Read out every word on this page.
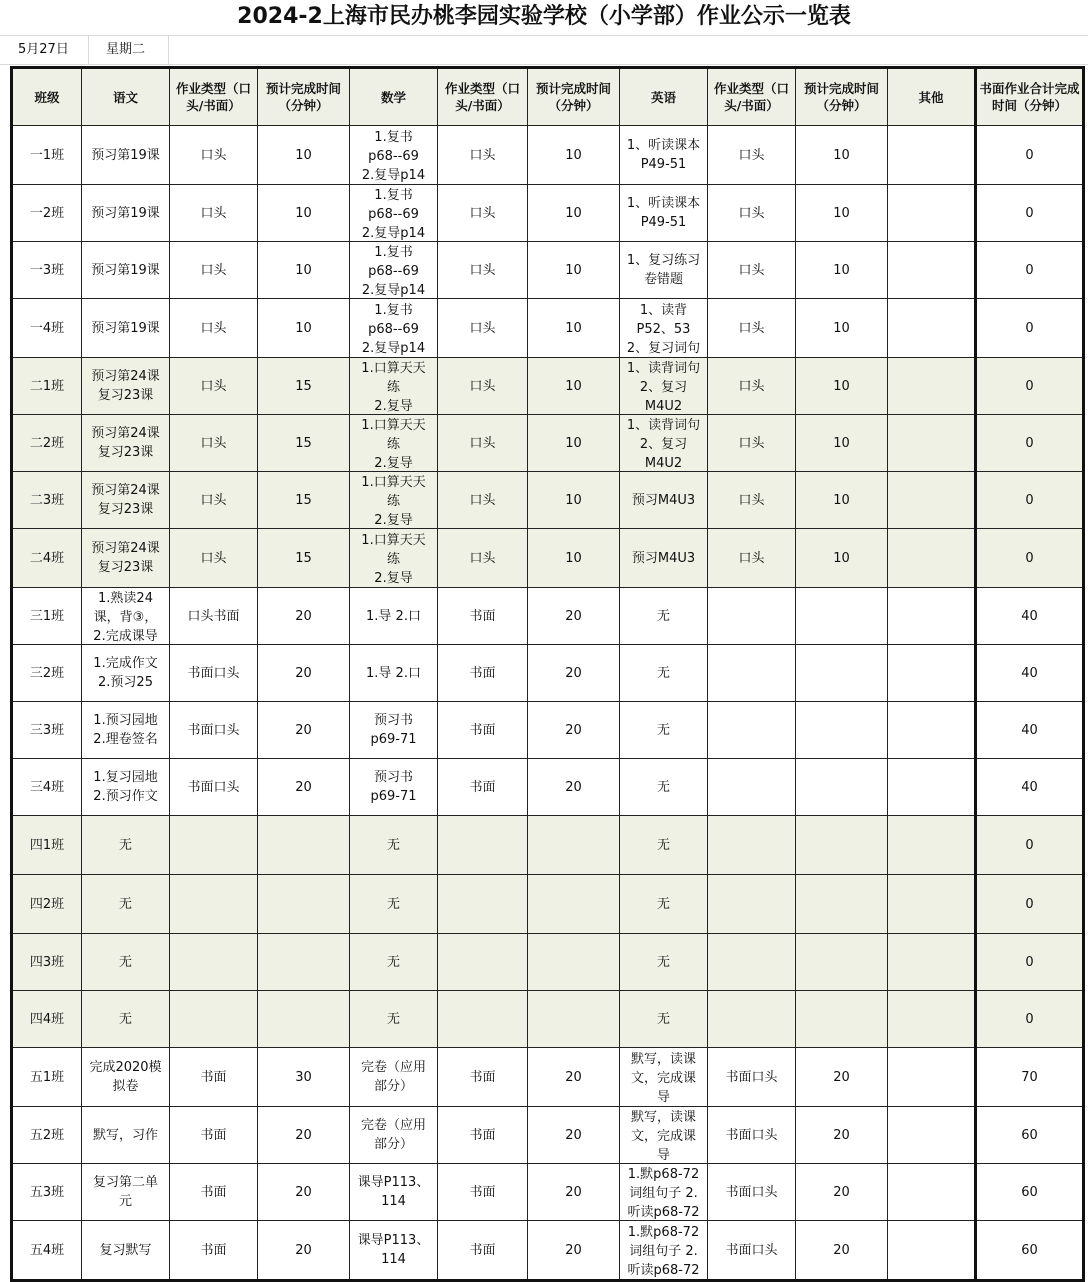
2024-2上海市民办桃李园实验学校（小学部）作业公示一览表
5月27日	星期二
班级	语文	作业类型（口头/书面）	预计完成时间（分钟）	数学	作业类型（口头/书面）	预计完成时间（分钟）	英语	作业类型（口头/书面）	预计完成时间（分钟）	其他	书面作业合计完成时间（分钟）

一1班	预习第19课	口头	10	1.复书
p68--69
2.复导p14	口头	10	1、听读课本
P49-51	口头	10		0

一2班	预习第19课	口头	10	1.复书
p68--69
2.复导p14	口头	10	1、听读课本
P49-51	口头	10		0

一3班	预习第19课	口头	10	1.复书
p68--69
2.复导p14	口头	10	1、复习练习
卷错题	口头	10		0

一4班	预习第19课	口头	10	1.复书
p68--69
2.复导p14	口头	10	1、读背
P52、53
2、复习词句	口头	10		0

二1班	预习第24课
复习23课	口头	15	1.口算天天
练
2.复导	口头	10	1、读背词句
2、复习
M4U2	口头	10		0

二2班	预习第24课
复习23课	口头	15	1.口算天天
练
2.复导	口头	10	1、读背词句
2、复习
M4U2	口头	10		0

二3班	预习第24课
复习23课	口头	15	1.口算天天
练
2.复导	口头	10	预习M4U3	口头	10		0

二4班	预习第24课
复习23课	口头	15	1.口算天天
练
2.复导	口头	10	预习M4U3	口头	10		0

三1班	1.熟读24
课，背③，
2.完成课导	口头书面	20	1.导 2.口	书面	20	无				40

三2班	1.完成作文
2.预习25	书面口头	20	1.导 2.口	书面	20	无				40

三3班	1.预习园地
2.理卷签名	书面口头	20	预习书
p69-71	书面	20	无				40

三4班	1.复习园地
2.预习作文	书面口头	20	预习书
p69-71	书面	20	无				40

四1班	无			无			无				0

四2班	无			无			无				0

四3班	无			无			无				0

四4班	无			无			无				0

五1班	完成2020模
拟卷	书面	30	完卷（应用
部分）	书面	20	默写，读课
文，完成课
导	书面口头	20		70

五2班	默写，习作	书面	20	完卷（应用
部分）	书面	20	默写，读课
文，完成课
导	书面口头	20		60

五3班	复习第二单
元	书面	20	课导P113、
114	书面	20	1.默p68-72
词组句子 2.
听读p68-72	书面口头	20		60

五4班	复习默写	书面	20	课导P113、
114	书面	20	1.默p68-72
词组句子 2.
听读p68-72	书面口头	20		60
